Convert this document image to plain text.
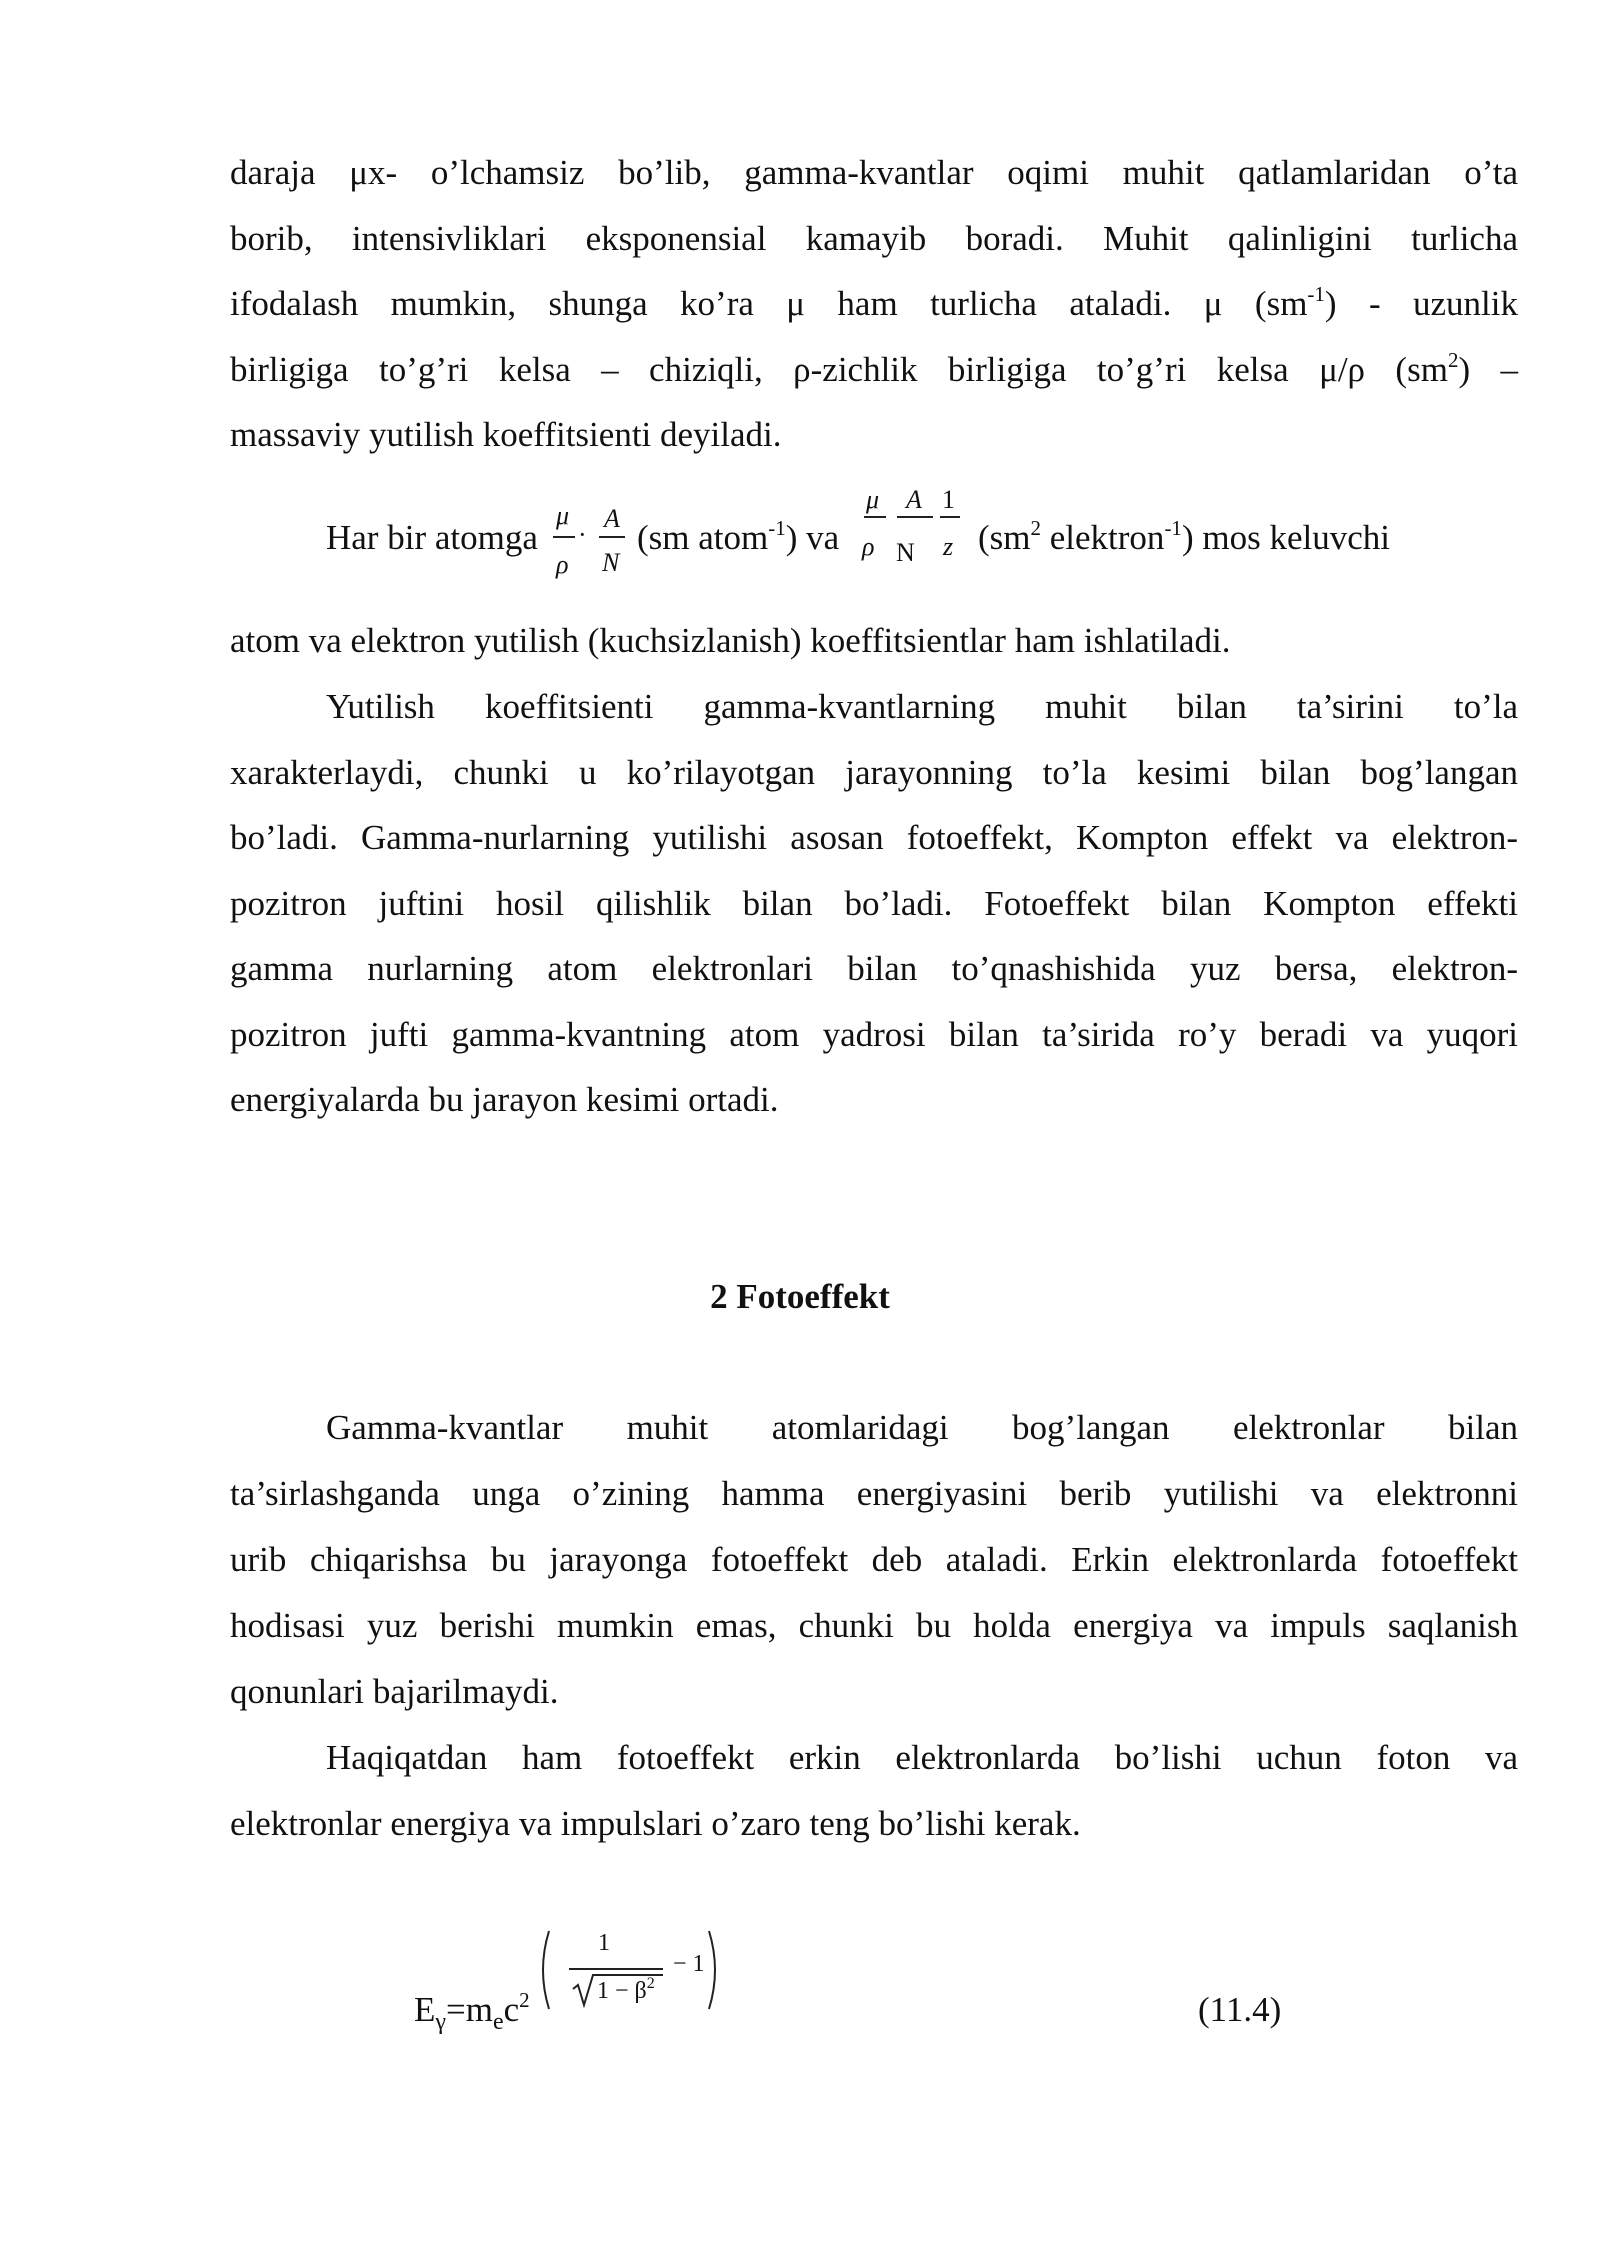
daraja μx- o’lchamsiz bo’lib, gamma-kvantlar oqimi muhit qatlamlaridan o’ta
borib, intensivliklari eksponensial kamayib boradi. Muhit qalinligini turlicha
ifodalash mumkin, shunga ko’ra μ ham turlicha ataladi. μ $(sm^{-1})$ - uzunlik
birligiga to’g’ri kelsa – chiziqli, ρ-zichlik birligiga to’g’ri kelsa μ/ρ $(sm^2)$ –
massaviy yutilish koeffitsienti deyiladi.
Har bir atomga
μ
ρ
·
A
N
(sm atom$^{-1}$) va
μ A 1
ρ N z ($sm^2$ elektron$^{-1}$) mos keluvchi
atom va elektron yutilish (kuchsizlanish) koeffitsientlar ham ishlatiladi.
Yutilish koeffitsienti gamma-kvantlarning muhit bilan ta’sirini to’la
xarakterlaydi, chunki u ko’rilayotgan jarayonning to’la kesimi bilan bog’langan
bo’ladi. Gamma-nurlarning yutilishi asosan fotoeffekt, Kompton effekt va elektron-
pozitron juftini hosil qilishlik bilan bo’ladi. Fotoeffekt bilan Kompton effekti
gamma nurlarning atom elektronlari bilan to’qnashishida yuz bersa, elektron-
pozitron jufti gamma-kvantning atom yadrosi bilan ta’sirida ro’y beradi va yuqori
energiyalarda bu jarayon kesimi ortadi.
2 Fotoeffekt
Gamma-kvantlar muhit atomlaridagi bog’langan elektronlar bilan
ta’sirlashganda unga o’zining hamma energiyasini berib yutilishi va elektronni
urib chiqarishsa bu jarayonga fotoeffekt deb ataladi. Erkin elektronlarda fotoeffekt
hodisasi yuz berishi mumkin emas, chunki bu holda energiya va impuls saqlanish
qonunlari bajarilmaydi.
Haqiqatdan ham fotoeffekt erkin elektronlarda bo’lishi uchun foton va
elektronlar energiya va impulslari o’zaro teng bo’lishi kerak.
$E_\gamma=m_ec^2$
1
$1 - \beta^2$
− 1
(11.4)
